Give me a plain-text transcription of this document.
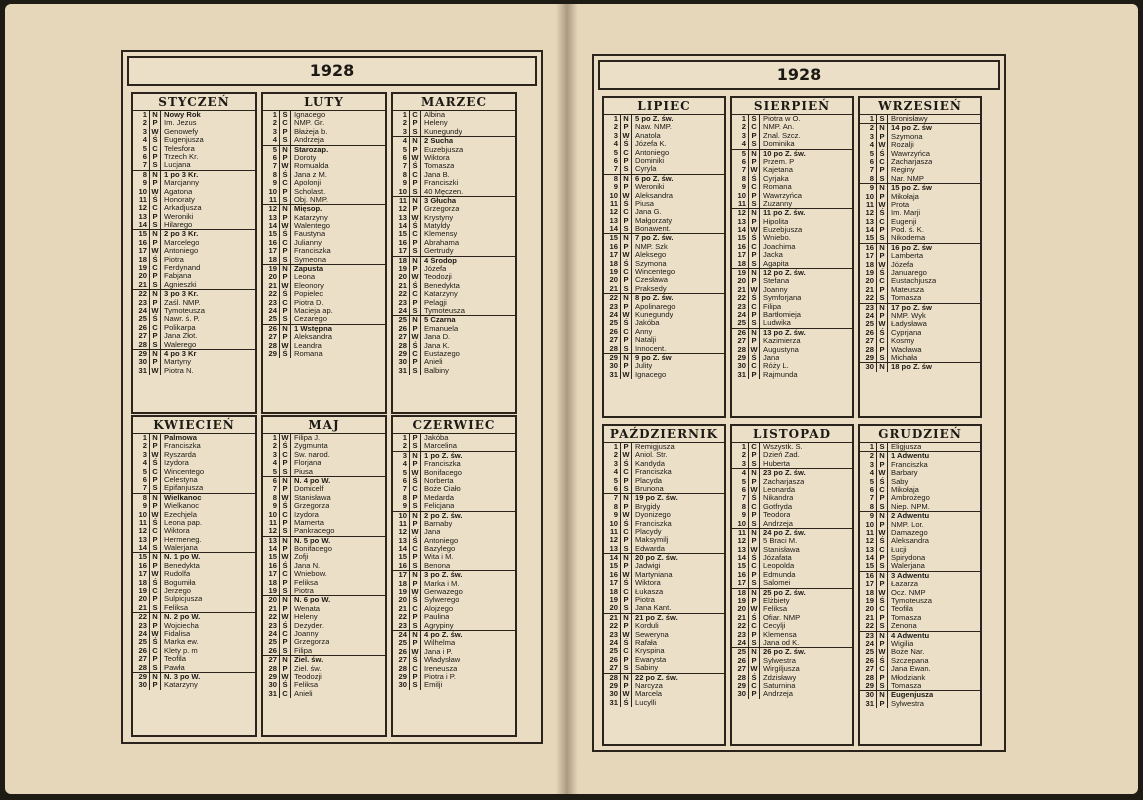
1928
STYCZEŃ
1 N Nowy Rok
2 P Im. Jezus
3 W Genowefy
4 Ś Eugenjusza
5 C Telesfora
6 P Trzech Kr.
7 S Lucjana
8 N 1 po 3 Kr.
9 P Marcjanny
10 W Agatona
11 Ś Honoraty
12 C Arkadjusza
13 P Weroniki
14 S Hilarego
15 N 2 po 3 Kr.
16 P Marcelego
17 W Antoniego
18 Ś Piotra
19 C Ferdynand
20 P Fabjana
21 S Agnieszki
22 N 3 po 3 Kr.
23 P Zaśl. NMP.
24 W Tymoteusza
25 Ś Nawr. ś. P.
26 C Polikarpa
27 P Jana Złot.
28 S Walerego
29 N 4 po 3 Kr
30 P Martyny
31 W Piotra N.
LUTY
1 Ś Ignacego
2 C NMP. Gr.
3 P Błażeja b.
4 S Andrzeja
5 N Starozap.
6 P Doroty
7 W Romualda
8 Ś Jana z M.
9 C Apolonji
10 P Scholast.
11 S Obj. NMP.
12 N Mięsop.
13 P Katarzyny
14 W Walentego
15 Ś Faustyna
16 C Julianny
17 P Franciszka
18 S Symeona
19 N Zapusta
20 P Leona
21 W Eleonory
22 Ś Popielec
23 C Piotra D.
24 P Macieja ap.
25 S Cezarego
26 N 1 Wstępna
27 P Aleksandra
28 W Leandra
29 Ś Romana
MARZEC
1 C Albina
2 P Heleny
3 S Kunegundy
4 N 2 Sucha
5 P Euzebjusza
6 W Wiktora
7 Ś Tomasza
8 C Jana B.
9 P Franciszki
10 S 40 Męczen.
11 N 3 Głucha
12 P Grzegorza
13 W Krystyny
14 Ś Matyldy
15 C Klemensy
16 P Abrahama
17 S Gertrudy
18 N 4 Środop
19 P Józefa
20 W Teodozji
21 Ś Benedykta
22 C Katarzyny
23 P Pelagji
24 S Tymoteusza
25 N 5 Czarna
26 P Emanuela
27 W Jana D.
28 Ś Jana K.
29 C Eustazego
30 P Anieli
31 S Balbiny
KWIECIEŃ
1 N Palmowa
2 P Franciszka
3 W Ryszarda
4 Ś Izydora
5 C Wincentego
6 P Celestyna
7 S Epifanjusza
8 N Wielkanoc
9 P Wielkanoc
10 W Ezechjela
11 Ś Leona pap.
12 C Wiktora
13 P Hermeneg.
14 S Walerjana
15 N N. 1 po W.
16 P Benedykta
17 W Rudolfa
18 Ś Bogumiła
19 C Jerzego
20 P Sulpicjusza
21 S Feliksa
22 N N. 2 po W.
23 P Wojciecha
24 W Fidalisa
25 Ś Marka ew.
26 C Klety p. m
27 P Teofila
28 S Pawła
29 N N. 3 po W.
30 P Katarzyny
MAJ
1 W Filipa J.
2 Ś Zygmunta
3 C Św. narod.
4 P Florjana
5 S Piusa
6 N N. 4 po W.
7 P Domicelf
8 W Stanisława
9 Ś Grzegorza
10 C Izydora
11 P Mamerta
12 S Pankracego
13 N N. 5 po W.
14 P Bonifacego
15 W Zofji
16 Ś Jana N.
17 C Wniebow.
18 P Feliksa
19 S Piotra
20 N N. 6 po W.
21 P Wenata
22 W Heleny
23 Ś Dezyder.
24 C Joanny
25 P Grzegorza
26 S Filipa
27 N Ziel. św.
28 P Ziel. św.
29 W Teodozji
30 Ś Feliksa
31 C Anieli
CZERWIEC
1 P Jakóba
2 S Marcelina
3 N 1 po Z. św.
4 P Franciszka
5 W Bonifacego
6 Ś Norberta
7 C Boże Ciało
8 P Medarda
9 S Felicjana
10 N 2 po Z. św.
11 P Barnaby
12 W Jana
13 Ś Antoniego
14 C Bazylego
15 P Wita i M.
16 S Benona
17 N 3 po Z. św.
18 P Marka i M.
19 W Gerwazego
20 Ś Sylwerego
21 C Alojzego
22 P Paulina
23 S Agrypiny
24 N 4 po Z. św.
25 P Wilhelma
26 W Jana i P.
27 Ś Władysław
28 C Ireneusza
29 P Piotra i P.
30 S Emilji
1928
LIPIEC
1 N 5 po Z. św.
2 P Naw. NMP.
3 W Anatola
4 Ś Józefa K.
5 C Antoniego
6 P Dominiki
7 S Cyryla
8 N 6 po Z. św.
9 P Weroniki
10 W Aleksandra
11 Ś Piusa
12 C Jana G.
13 P Małgorzaty
14 S Bonawent.
15 N 7 po Z. św.
16 P NMP. Szk
17 W Aleksego
18 Ś Szymona
19 C Wincentego
20 P Czesława
21 S Praksedy
22 N 8 po Z. św.
23 P Apolinarego
24 W Kunegundy
25 Ś Jakóba
26 C Anny
27 P Natalji
28 S Innocent.
29 N 9 po Z. św
30 P Julity
31 W Ignacego
SIERPIEŃ
1 Ś Piotra w O.
2 C NMP. An.
3 P Znal. Szcz.
4 S Dominika
5 N 10 po Z. św.
6 P Przem. P
7 W Kajetana
8 Ś Cyrjaka
9 C Romana
10 P Wawrzyńca
11 S Zuzanny
12 N 11 po Z. św.
13 P Hipolita
14 W Euzebjusza
15 Ś Wniebo.
16 C Joachima
17 P Jacka
18 S Agapita
19 N 12 po Z. św.
20 P Stefana
21 W Joanny
22 Ś Symforjana
23 C Filipa
24 P Bartłomieja
25 S Ludwika
26 N 13 po Z. św.
27 P Kazimierza
28 W Augustyna
29 Ś Jana
30 C Róży L.
31 P Rajmunda
WRZESIEŃ
1 S Bronisławy
2 N 14 po Z. św
3 P Szymona
4 W Rozalji
5 Ś Wawrzyńca
6 C Zacharjasza
7 P Reginy
8 S Nar. NMP
9 N 15 po Z. św
10 P Mikołaja
11 W Prota
12 Ś Im. Marji
13 C Eugenji
14 P Pod. ś. K.
15 S Nikodema
16 N 16 po Z. św
17 P Lamberta
18 W Józefa
19 Ś Januarego
20 C Eustachjusza
21 P Mateusza
22 S Tomasza
23 N 17 po Z. św
24 P NMP. Wyk
25 W Ładysława
26 Ś Cyprjana
27 C Kosmy
28 P Wacława
29 S Michała
30 N 18 po Z. św
PAŹDZIERNIK
1 P Remigjusza
2 W Aniol. Str.
3 Ś Kandyda
4 C Franciszka
5 P Placyda
6 S Brunona
7 N 19 po Z. św.
8 P Brygidy
9 W Dyonizego
10 Ś Franciszka
11 C Placydy
12 P Maksymilj
13 S Edwarda
14 N 20 po Z. św.
15 P Jadwigi
16 W Martyniana
17 Ś Wiktora
18 C Łukasza
19 P Piotra
20 S Jana Kant.
21 N 21 po Z. św.
22 P Korduli
23 W Seweryna
24 Ś Rafała
25 C Kryspina
26 P Ewarysta
27 S Sabiny
28 N 22 po Z. św.
29 P Narcyza
30 W Marcela
31 Ś Lucylli
LISTOPAD
1 C Wszystk. Ś.
2 P Dzień Zad.
3 S Huberta
4 N 23 po Z. św.
5 P Zacharjasza
6 W Leonarda
7 Ś Nikandra
8 C Gotfryda
9 P Teodora
10 S Andrzeja
11 N 24 po Z. św.
12 P 5 Braci M.
13 W Stanisława
14 Ś Józafata
15 C Leopolda
16 P Edmunda
17 S Salomei
18 N 25 po Z. św.
19 P Elżbiety
20 W Feliksa
21 Ś Ofiar. NMP
22 C Cecylji
23 P Klemensa
24 S Jana od K.
25 N 26 po Z. św.
26 P Sylwestra
27 W Wirgiljusza
28 Ś Zdzisławy
29 C Saturnina
30 P Andrzeja
GRUDZIEŃ
1 S Eligjusza
2 N 1 Adwentu
3 P Franciszka
4 W Barbary
5 Ś Saby
6 C Mikołaja
7 P Ambrożego
8 S Niep. NPM.
9 N 2 Adwentu
10 P NMP. Lor.
11 W Damazego
12 Ś Aleksandra
13 C Łucji
14 P Spirydona
15 S Walerjana
16 N 3 Adwentu
17 P Łazarza
18 W Ocz. NMP
19 Ś Tymoteusza
20 C Teofila
21 P Tomasza
22 S Zenona
23 N 4 Adwentu
24 P Wigilia
25 W Boże Nar.
26 Ś Szczepana
27 C Jana Ewan.
28 P Młodziank
29 S Tomasza
30 N Eugenjusza
31 P Sylwestra
